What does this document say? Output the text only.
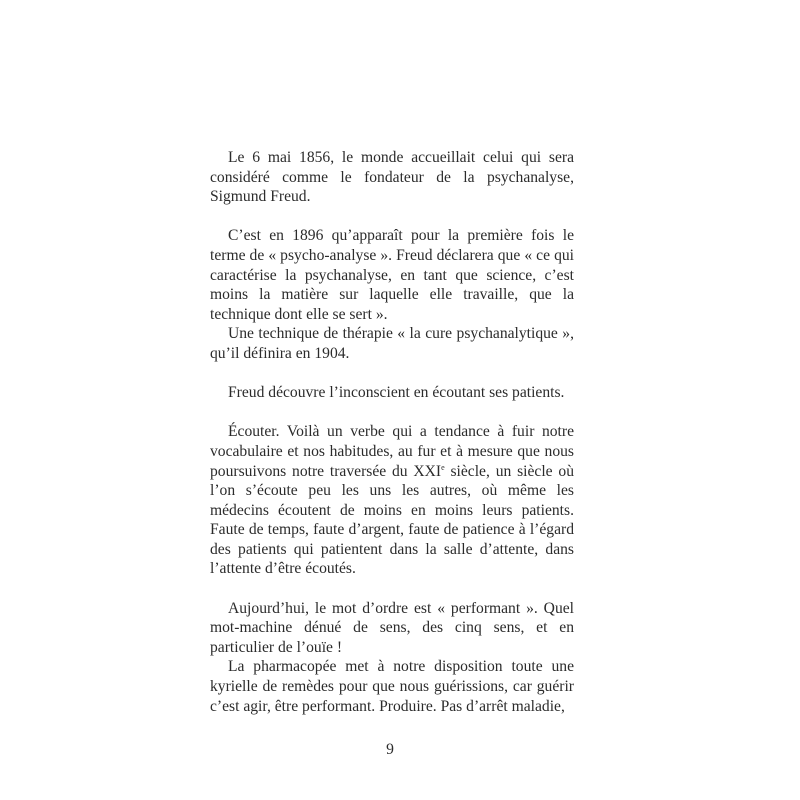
Le 6 mai 1856, le monde accueillait celui qui sera considéré comme le fondateur de la psychanalyse, Sigmund Freud.

C’est en 1896 qu’apparaît pour la première fois le terme de « psycho-analyse ». Freud déclarera que « ce qui caractérise la psychanalyse, en tant que science, c’est moins la matière sur laquelle elle travaille, que la technique dont elle se sert ».

Une technique de thérapie « la cure psychanalytique », qu’il définira en 1904.

Freud découvre l’inconscient en écoutant ses patients.

Écouter. Voilà un verbe qui a tendance à fuir notre vocabulaire et nos habitudes, au fur et à mesure que nous poursuivons notre traversée du XXIe siècle, un siècle où l’on s’écoute peu les uns les autres, où même les médecins écoutent de moins en moins leurs patients. Faute de temps, faute d’argent, faute de patience à l’égard des patients qui patientent dans la salle d’attente, dans l’attente d’être écoutés.

Aujourd’hui, le mot d’ordre est « performant ». Quel mot-machine dénué de sens, des cinq sens, et en particulier de l’ouïe !

La pharmacopée met à notre disposition toute une kyrielle de remèdes pour que nous guérissions, car guérir c’est agir, être performant. Produire. Pas d’arrêt maladie,

9
